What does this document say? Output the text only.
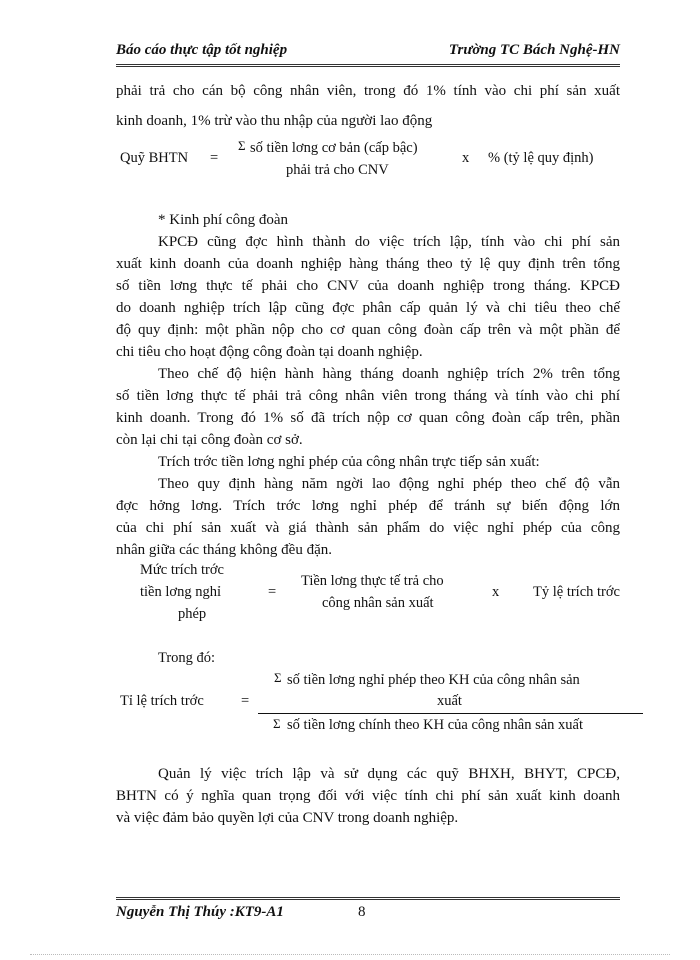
Báo cáo thực tập tốt nghiệp	Trường TC Bách Nghệ-HN
phải trả cho cán bộ công nhân viên, trong đó 1% tính vào chi phí sản xuất
kinh doanh, 1% trừ vào thu nhập của người lao động
Quỹ BHTN =
Σ số tiền lơng cơ bản (cấp bậc)
phải trả cho CNV
x % (tỷ lệ quy định)
* Kinh phí công đoàn
KPCĐ cũng đợc hình thành do việc trích lập, tính vào chi phí sản
xuất kinh doanh của doanh nghiệp hàng tháng theo tỷ lệ quy định trên tổng
số tiền lơng thực tế phải cho CNV của doanh nghiệp trong tháng. KPCĐ
do doanh nghiệp trích lập cũng đợc phân cấp quản lý và chi tiêu theo chế
độ quy định: một phần nộp cho cơ quan công đoàn cấp trên và một phần để
chi tiêu cho hoạt động công đoàn tại doanh nghiệp.
Theo chế độ hiện hành hàng tháng doanh nghiệp trích 2% trên tổng
số tiền lơng thực tế phải trả công nhân viên trong tháng và tính vào chi phí
kinh doanh. Trong đó 1% số đã trích nộp cơ quan công đoàn cấp trên, phần
còn lại chi tại công đoàn cơ sở.
Trích trớc tiền lơng nghỉ phép của công nhân trực tiếp sản xuất:
Theo quy định hàng năm ngời lao động nghỉ phép theo chế độ vẫn
đợc hởng lơng. Trích trớc lơng nghỉ phép để tránh sự biến động lớn
của chi phí sản xuất và giá thành sản phẩm do việc nghỉ phép của công
nhân giữa các tháng không đều đặn.
Mức trích trớc
tiền lơng nghỉ
phép
=
Tiền lơng thực tế trả cho
công nhân sản xuất
x Tỷ lệ trích trớc
Trong đó:
Tỉ lệ trích trớc	=
Σ số tiền lơng nghỉ phép theo KH của công nhân sản
xuất
Σ số tiền lơng chính theo KH của công nhân sản xuất
Quản lý việc trích lập và sử dụng các quỹ BHXH, BHYT, CPCĐ,
BHTN có ý nghĩa quan trọng đối với việc tính chi phí sản xuất kinh doanh
và việc đảm bảo quyền lợi của CNV trong doanh nghiệp.
Nguyễn Thị Thúy :KT9-A1	8
